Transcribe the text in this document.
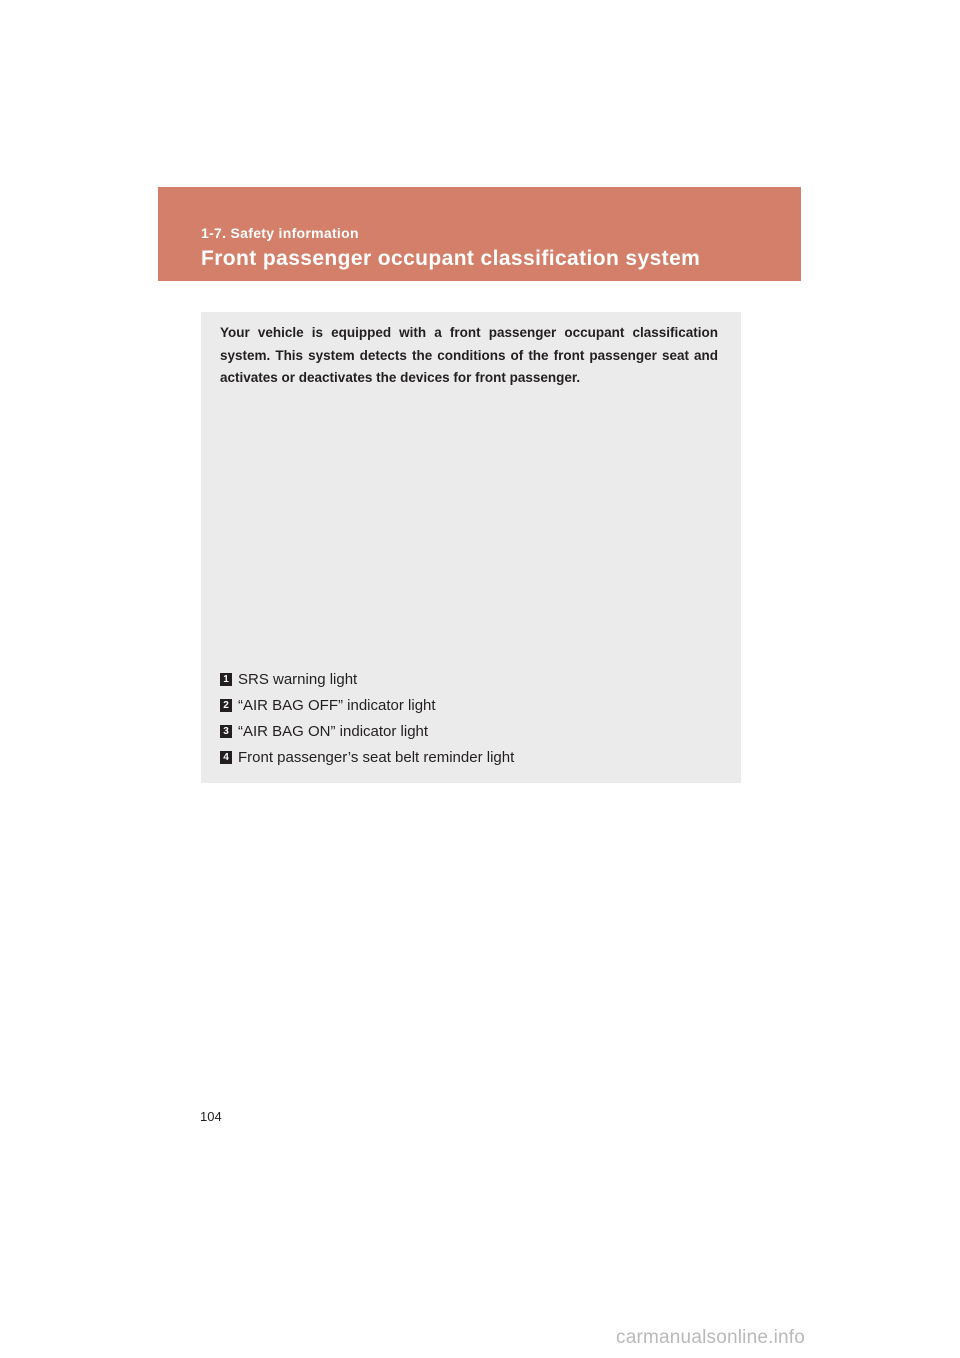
1-7. Safety information
Front passenger occupant classification system

Your vehicle is equipped with a front passenger occupant classification system. This system detects the conditions of the front passenger seat and activates or deactivates the devices for front passenger.

1 SRS warning light
2 “AIR BAG OFF” indicator light
3 “AIR BAG ON” indicator light
4 Front passenger’s seat belt reminder light
104
carmanualsonline.info
